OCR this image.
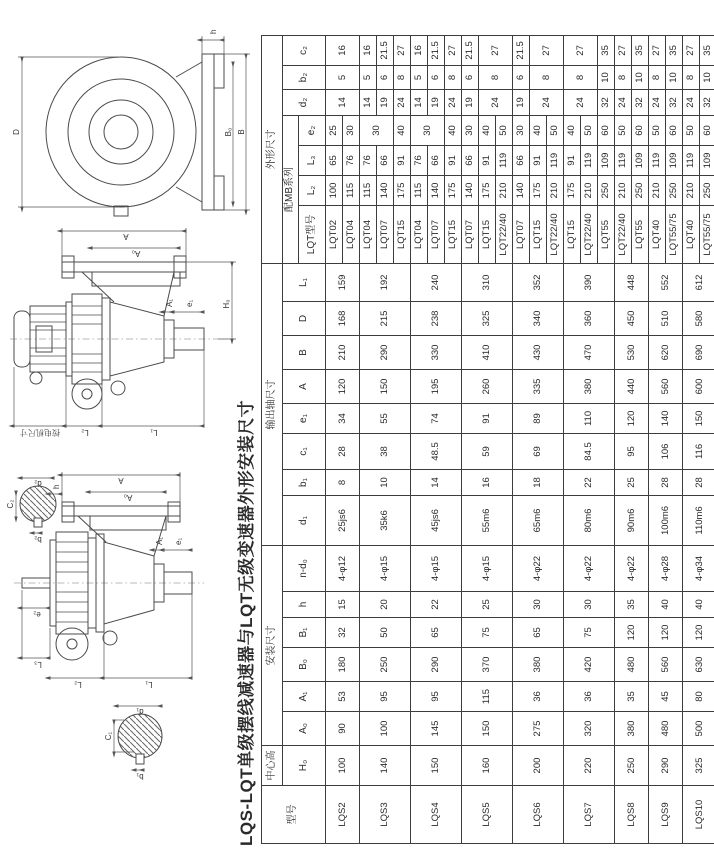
L₃
e₂
L₂	L₁
h
A₀
A
A₁ e₁
C₁
b₁
d₁
C₂
b₂
d₂
按电机尺寸	L₂	L₁
A₀
A
A₁ e₁	H₀
D
h
B₀ B
LQS-LQT单级摆线减速器与LQT无级变速器外形安装尺寸	型号	中心高	安装尺寸						输出轴尺寸								外形尺寸						
	H₀	A₀	A₁	B₀	B₁	h	n-d₀	d₁	b₁	c₁	e₁	A	B	D	L₁	配MB系列				d₂	b₂	c₂
																LQT型号	L₂	L₃	e₂			
LQS2	100	90	53	180	32	15	4-φ12	25js6	8	28	34	120	210	168	159	LQT02	100	65	25	14	5	16
																LQT04	115	76	30			
LQS3	140	100	95	250	50	20	4-φ15	35k6	10	38	55	150	290	215	192	LQT04	115	76	30	14	5	16
																LQT07	140	66		19	6	21.5
																LQT15	175	91	40	24	8	27
LQS4	150	145	95	290	65	22	4-φ15	45js6	14	48.5	74	195	330	238	240	LQT04	115	76	30	14	5	16
																LQT07	140	66		19	6	21.5
																LQT15	175	91	40	24	8	27
LQS5	160	150	115	370	75	25	4-φ15	55m6	16	59	91	260	410	325	310	LQT07	140	66	30	19	6	21.5
																LQT15	175	91	40	24	8	27
																LQT22/40	210	119	50			
LQS6	200	275	36	380	65	30	4-φ22	65m6	18	69	89	335	430	340	352	LQT07	140	66	30	19	6	21.5
																LQT15	175	91	40	24	8	27
																LQT22/40	210	119	50			
LQS7	220	320	36	420	75	30	4-φ22	80m6	22	84.5	110	380	470	360	390	LQT15	175	91	40	24	8	27
																LQT22/40	210	119	50			
																LQT55	250	109	60	32	10	35
LQS8	250	380	35	480	120	35	4-φ22	90m6	25	95	120	440	530	450	448	LQT22/40	210	119	50	24	8	27
																LQT55	250	109	60	32	10	35
LQS9	290	480	45	560	120	40	4-φ28	100m6	28	106	140	560	620	510	552	LQT40	210	119	50	24	8	27
																LQT55/75	250	109	60	32	10	35
LQS10	325	500	80	630	120	40	4-φ34	110m6	28	116	150	600	690	580	612	LQT40	210	119	50	24	8	27
																LQT55/75	250	109	60	32	10	35
